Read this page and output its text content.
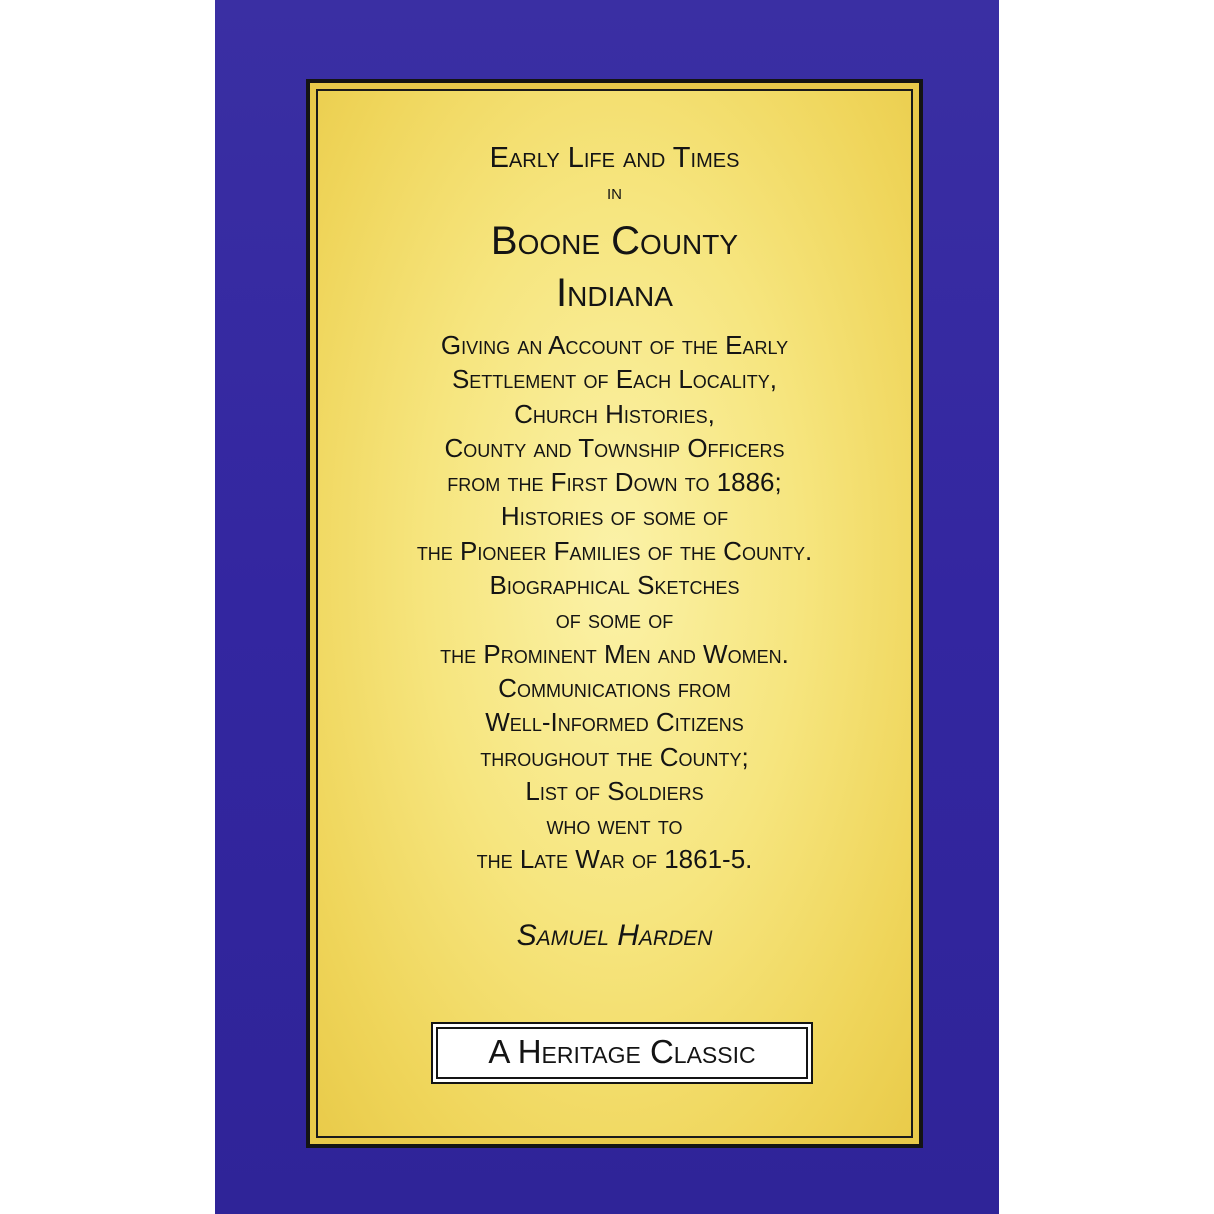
Early Life and Times
in
Boone County
Indiana
Giving an Account of the Early
Settlement of Each Locality,
Church Histories,
County and Township Officers
from the First Down to 1886;
Histories of some of
the Pioneer Families of the County.
Biographical Sketches
of some of
the Prominent Men and Women.
Communications from
Well-Informed Citizens
throughout the County;
List of Soldiers
who went to
the Late War of 1861-5.
Samuel Harden
A Heritage Classic
